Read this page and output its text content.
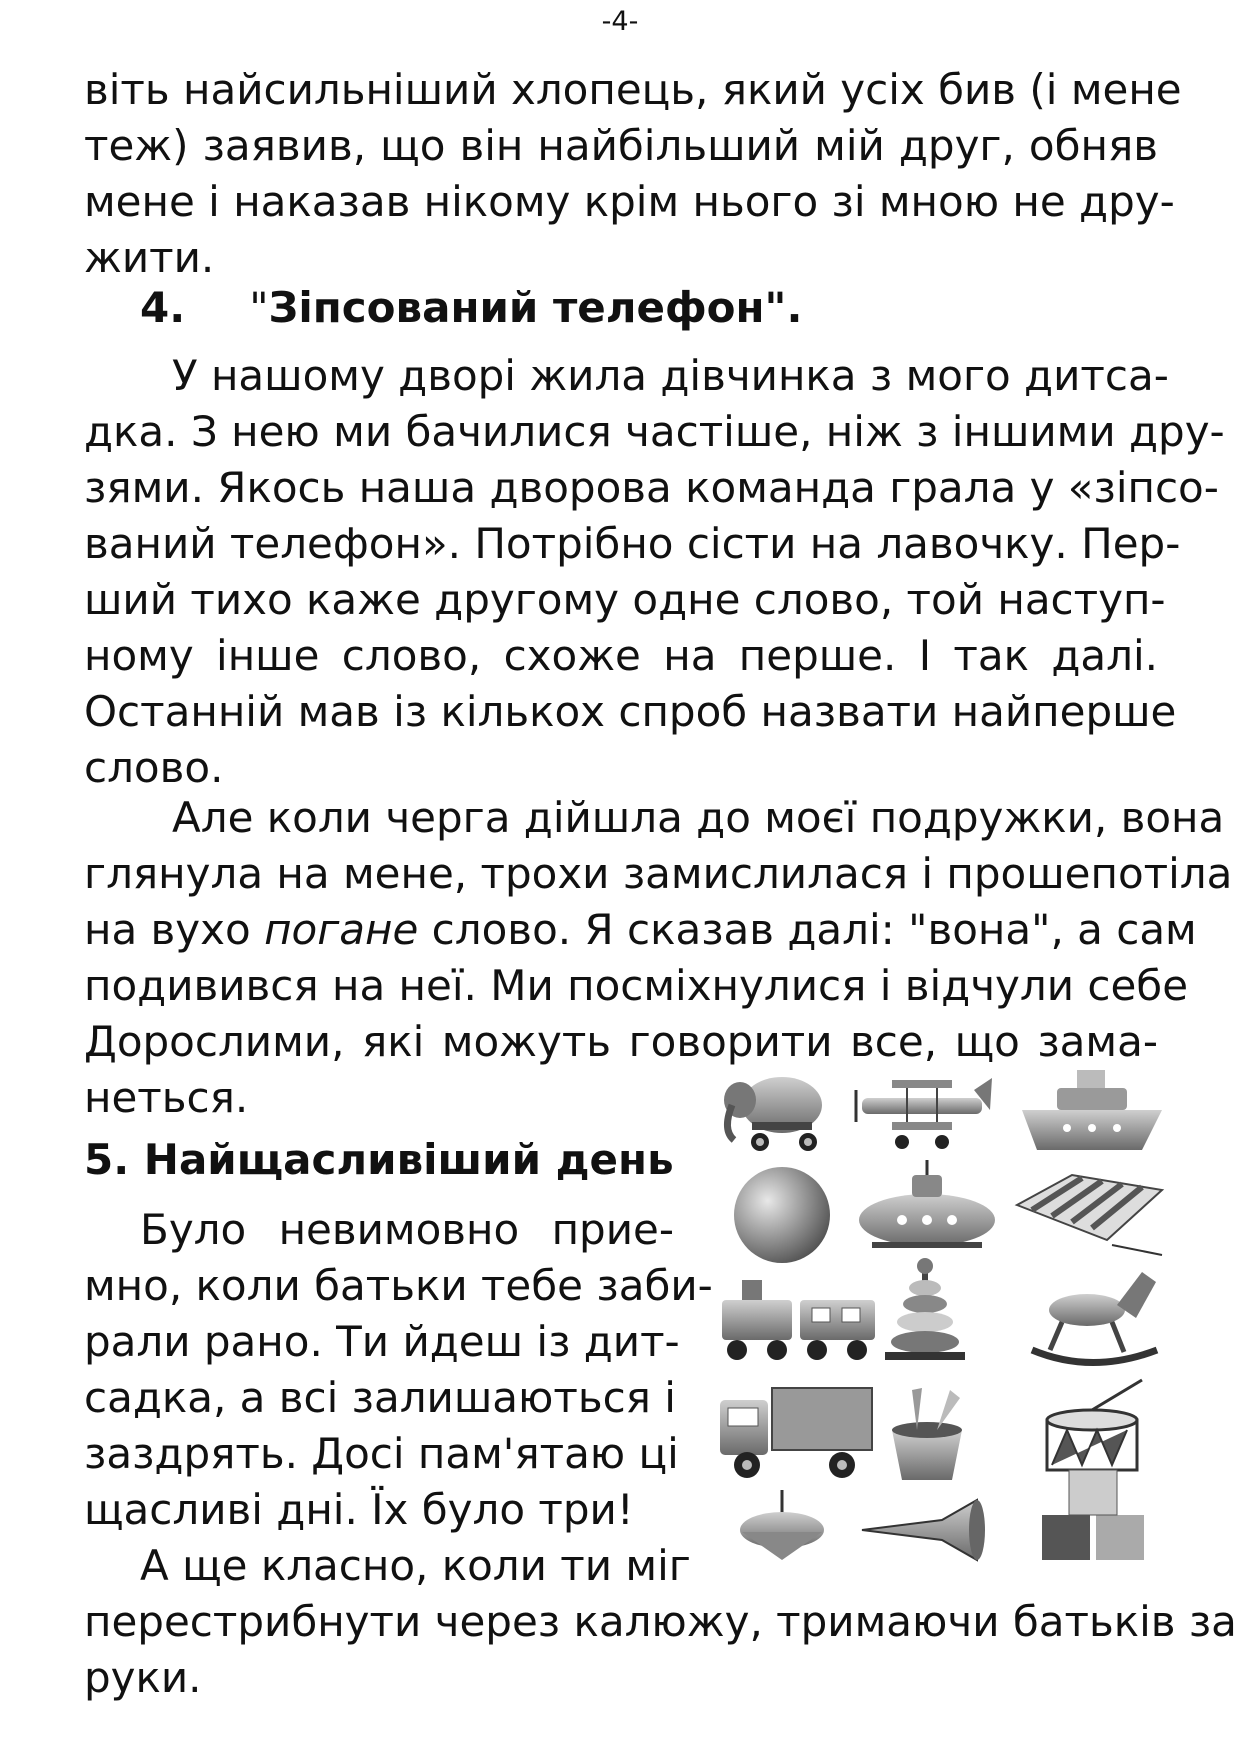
-4-
віть найсильніший хлопець, який усіх бив (і мене
теж) заявив, що він найбільший мій друг, обняв
мене і наказав нікому крім нього зі мною не дру-
жити.
4. "Зіпсований телефон".
У нашому дворі жила дівчинка з мого дитса-
дка. З нею ми бачилися частіше, ніж з іншими дру-
зями. Якось наша дворова команда грала у «зіпсо-
ваний телефон». Потрібно сісти на лавочку. Пер-
ший тихо каже другому одне слово, той наступ-
ному інше слово, схоже на перше. І так далі.
Останній мав із кількох спроб назвати найперше
слово.
Але коли черга дійшла до моєї подружки, вона
глянула на мене, трохи замислилася і прошепотіла
на вухо погане слово. Я сказав далі: "вона", а сам
подивився на неї. Ми посміхнулися і відчули себе
Дорослими, які можуть говорити все, що зама-
неться.
5. Найщасливіший день
Було невимовно прие-
мно, коли батьки тебе заби-
рали рано. Ти йдеш із дит-
садка, а всі залишаються і
заздрять. Досі пам'ятаю ці
щасливі дні. Їх було три!
А ще класно, коли ти міг
перестрибнути через калюжу, тримаючи батьків за
руки.
